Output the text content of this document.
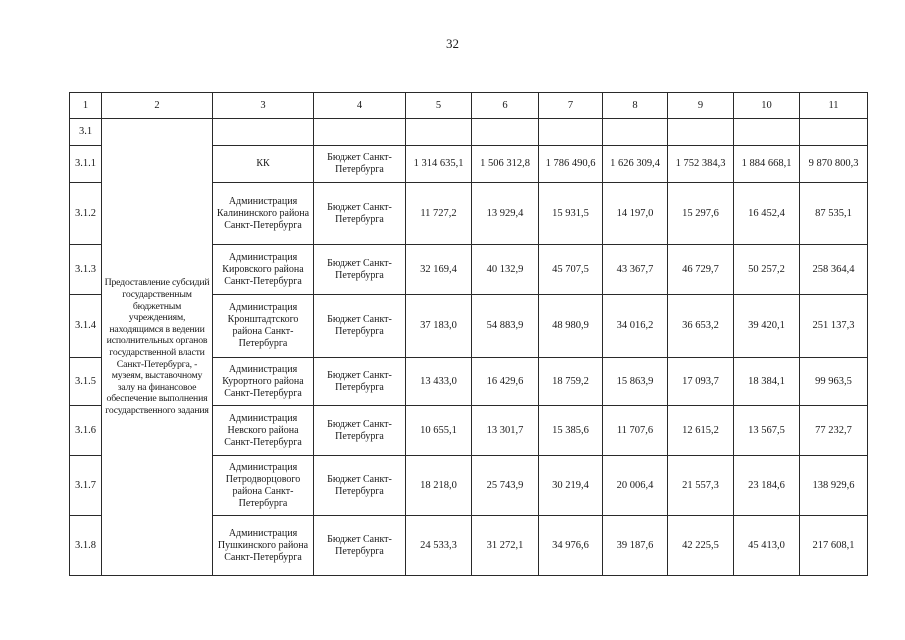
32
1	2	3	4	5	6	7	8	9	10	11
3.1	Предоставление субсидий государственным бюджетным учреждениям, находящимся в ведении исполнительных органов государственной власти Санкт-Петербурга, - музеям, выставочному залу на финансовое обеспечение выполнения государственного задания									
3.1.1		КК	Бюджет Санкт-Петербурга	1 314 635,1	1 506 312,8	1 786 490,6	1 626 309,4	1 752 384,3	1 884 668,1	9 870 800,3
3.1.2		Администрация Калининского района Санкт-Петербурга	Бюджет Санкт-Петербурга	11 727,2	13 929,4	15 931,5	14 197,0	15 297,6	16 452,4	87 535,1
3.1.3		Администрация Кировского района Санкт-Петербурга	Бюджет Санкт-Петербурга	32 169,4	40 132,9	45 707,5	43 367,7	46 729,7	50 257,2	258 364,4
3.1.4		Администрация Кронштадтского района Санкт-Петербурга	Бюджет Санкт-Петербурга	37 183,0	54 883,9	48 980,9	34 016,2	36 653,2	39 420,1	251 137,3
3.1.5		Администрация Курортного района Санкт-Петербурга	Бюджет Санкт-Петербурга	13 433,0	16 429,6	18 759,2	15 863,9	17 093,7	18 384,1	99 963,5
3.1.6		Администрация Невского района Санкт-Петербурга	Бюджет Санкт-Петербурга	10 655,1	13 301,7	15 385,6	11 707,6	12 615,2	13 567,5	77 232,7
3.1.7		Администрация Петродворцового района Санкт-Петербурга	Бюджет Санкт-Петербурга	18 218,0	25 743,9	30 219,4	20 006,4	21 557,3	23 184,6	138 929,6
3.1.8		Администрация Пушкинского района Санкт-Петербурга	Бюджет Санкт-Петербурга	24 533,3	31 272,1	34 976,6	39 187,6	42 225,5	45 413,0	217 608,1
